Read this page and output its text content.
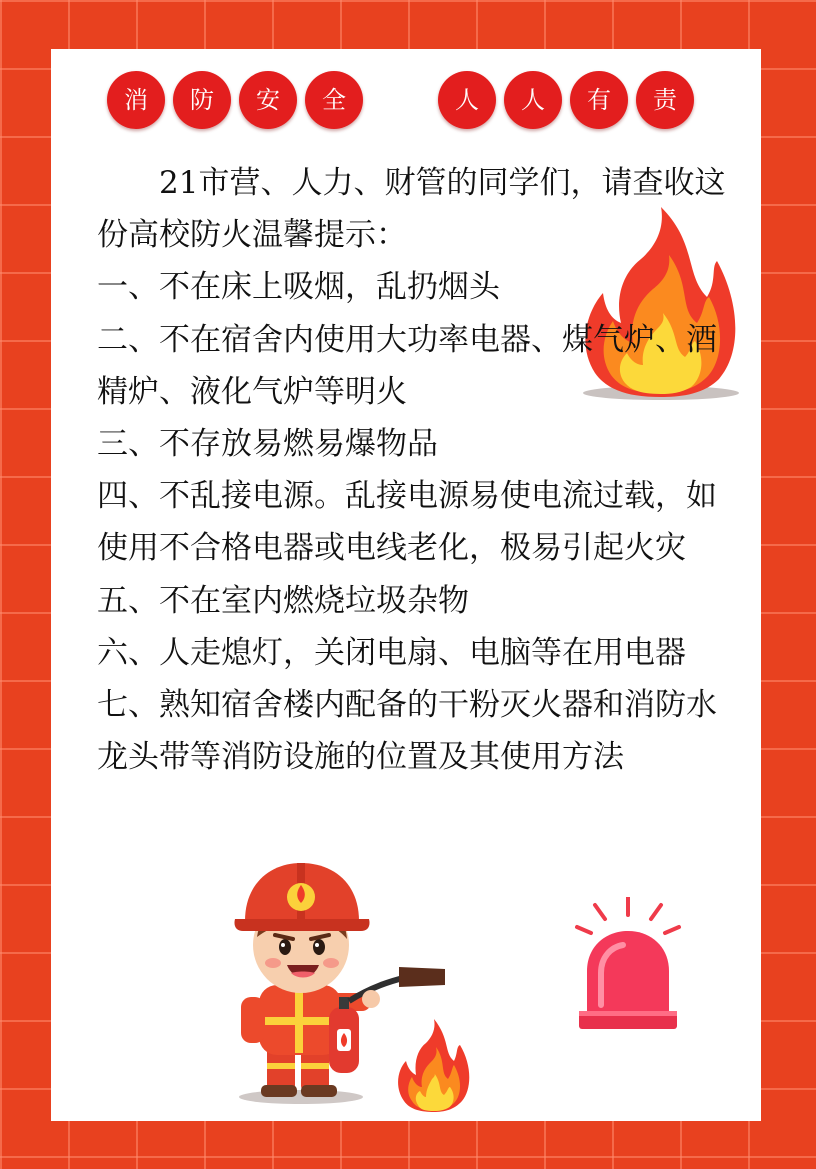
消	防	安	全	人	人	有	责

21市营、人力、财管的同学们，请查收这份高校防火温馨提示：

一、不在床上吸烟，乱扔烟头

二、不在宿舍内使用大功率电器、煤气炉、酒精炉、液化气炉等明火

三、不存放易燃易爆物品

四、不乱接电源。乱接电源易使电流过载，如使用不合格电器或电线老化，极易引起火灾

五、不在室内燃烧垃圾杂物

六、人走熄灯，关闭电扇、电脑等在用电器

七、熟知宿舍楼内配备的干粉灭火器和消防水龙头带等消防设施的位置及其使用方法
